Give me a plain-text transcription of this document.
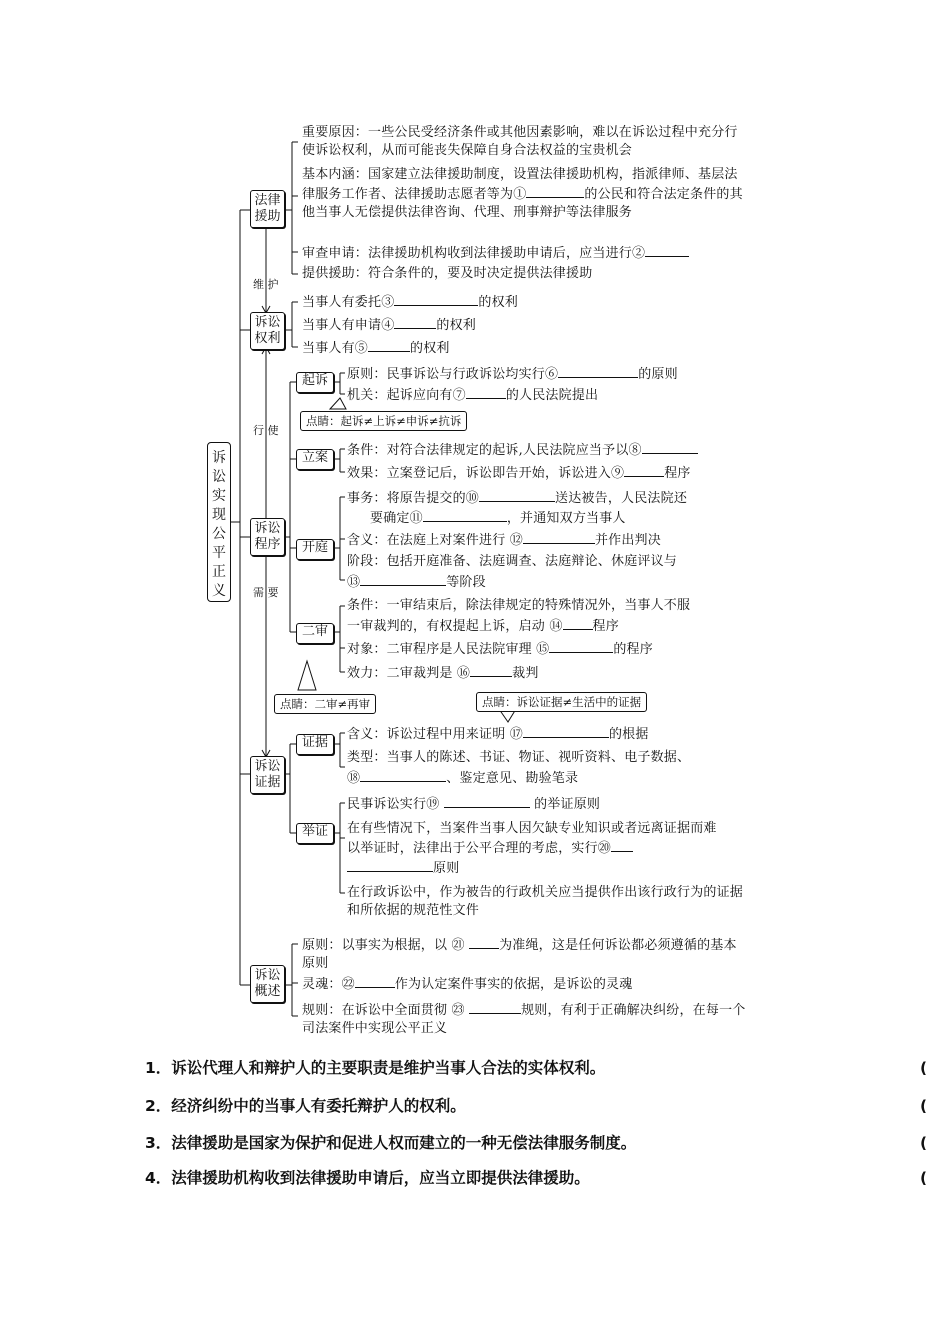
诉讼实现公平正义
维 护
行 使
需 要
法律援助
诉讼权利
诉讼程序
诉讼证据
诉讼概述
重要原因：一些公民受经济条件或其他因素影响，难以在诉讼过程中充分行使诉讼权利，从而可能丧失保障自身合法权益的宝贵机会
基本内涵：国家建立法律援助制度，设置法律援助机构，指派律师、基层法律服务工作者、法律援助志愿者等为①	的公民和符合法定条件的其他当事人无偿提供法律咨询、代理、刑事辩护等法律服务
审查申请：法律援助机构收到法律援助申请后，应当进行②
提供援助：符合条件的，要及时决定提供法律援助
当事人有委托③	的权利
当事人有申请④	的权利
当事人有⑤	的权利
起诉	原则：民事诉讼与行政诉讼均实行⑥	的原则
机关：起诉应向有⑦	的人民法院提出
点睛：起诉≠上诉≠申诉≠抗诉
立案	条件：对符合法律规定的起诉,人民法院应当予以⑧
效果：立案登记后，诉讼即告开始，诉讼进入⑨	程序
开庭
事务：将原告提交的⑩	送达被告，人民法院还
要确定⑪	，并通知双方当事人
含义：在法庭上对案件进行 ⑫	并作出判决
阶段：包括开庭准备、法庭调查、法庭辩论、休庭评议与
⑬	等阶段
二审
条件：一审结束后，除法律规定的特殊情况外，当事人不服
一审裁判的，有权提起上诉，启动 ⑭ 程序
对象：二审程序是人民法院审理 ⑮	的程序
效力：二审裁判是 ⑯	裁判
点睛：二审≠再审	点睛：诉讼证据≠生活中的证据
证据
含义：诉讼过程中用来证明 ⑰	的根据
类型：当事人的陈述、书证、物证、视听资料、电子数据、
⑱	、鉴定意见、勘验笔录
举证
民事诉讼实行⑲	的举证原则
在有些情况下，当案件当事人因欠缺专业知识或者远离证据而难以举证时，法律出于公平合理的考虑，实行⑳
原则
在行政诉讼中，作为被告的行政机关应当提供作出该行政行为的证据和所依据的规范性文件
原则：以事实为根据，以 ㉑	为准绳，这是任何诉讼都必须遵循的基本原则
灵魂：㉒	作为认定案件事实的依据，是诉讼的灵魂
规则：在诉讼中全面贯彻 ㉓	规则，有利于正确解决纠纷，在每一个司法案件中实现公平正义
1．诉讼代理人和辩护人的主要职责是维护当事人合法的实体权利。	(
2．经济纠纷中的当事人有委托辩护人的权利。	(
3．法律援助是国家为保护和促进人权而建立的一种无偿法律服务制度。	(
4．法律援助机构收到法律援助申请后，应当立即提供法律援助。	(
